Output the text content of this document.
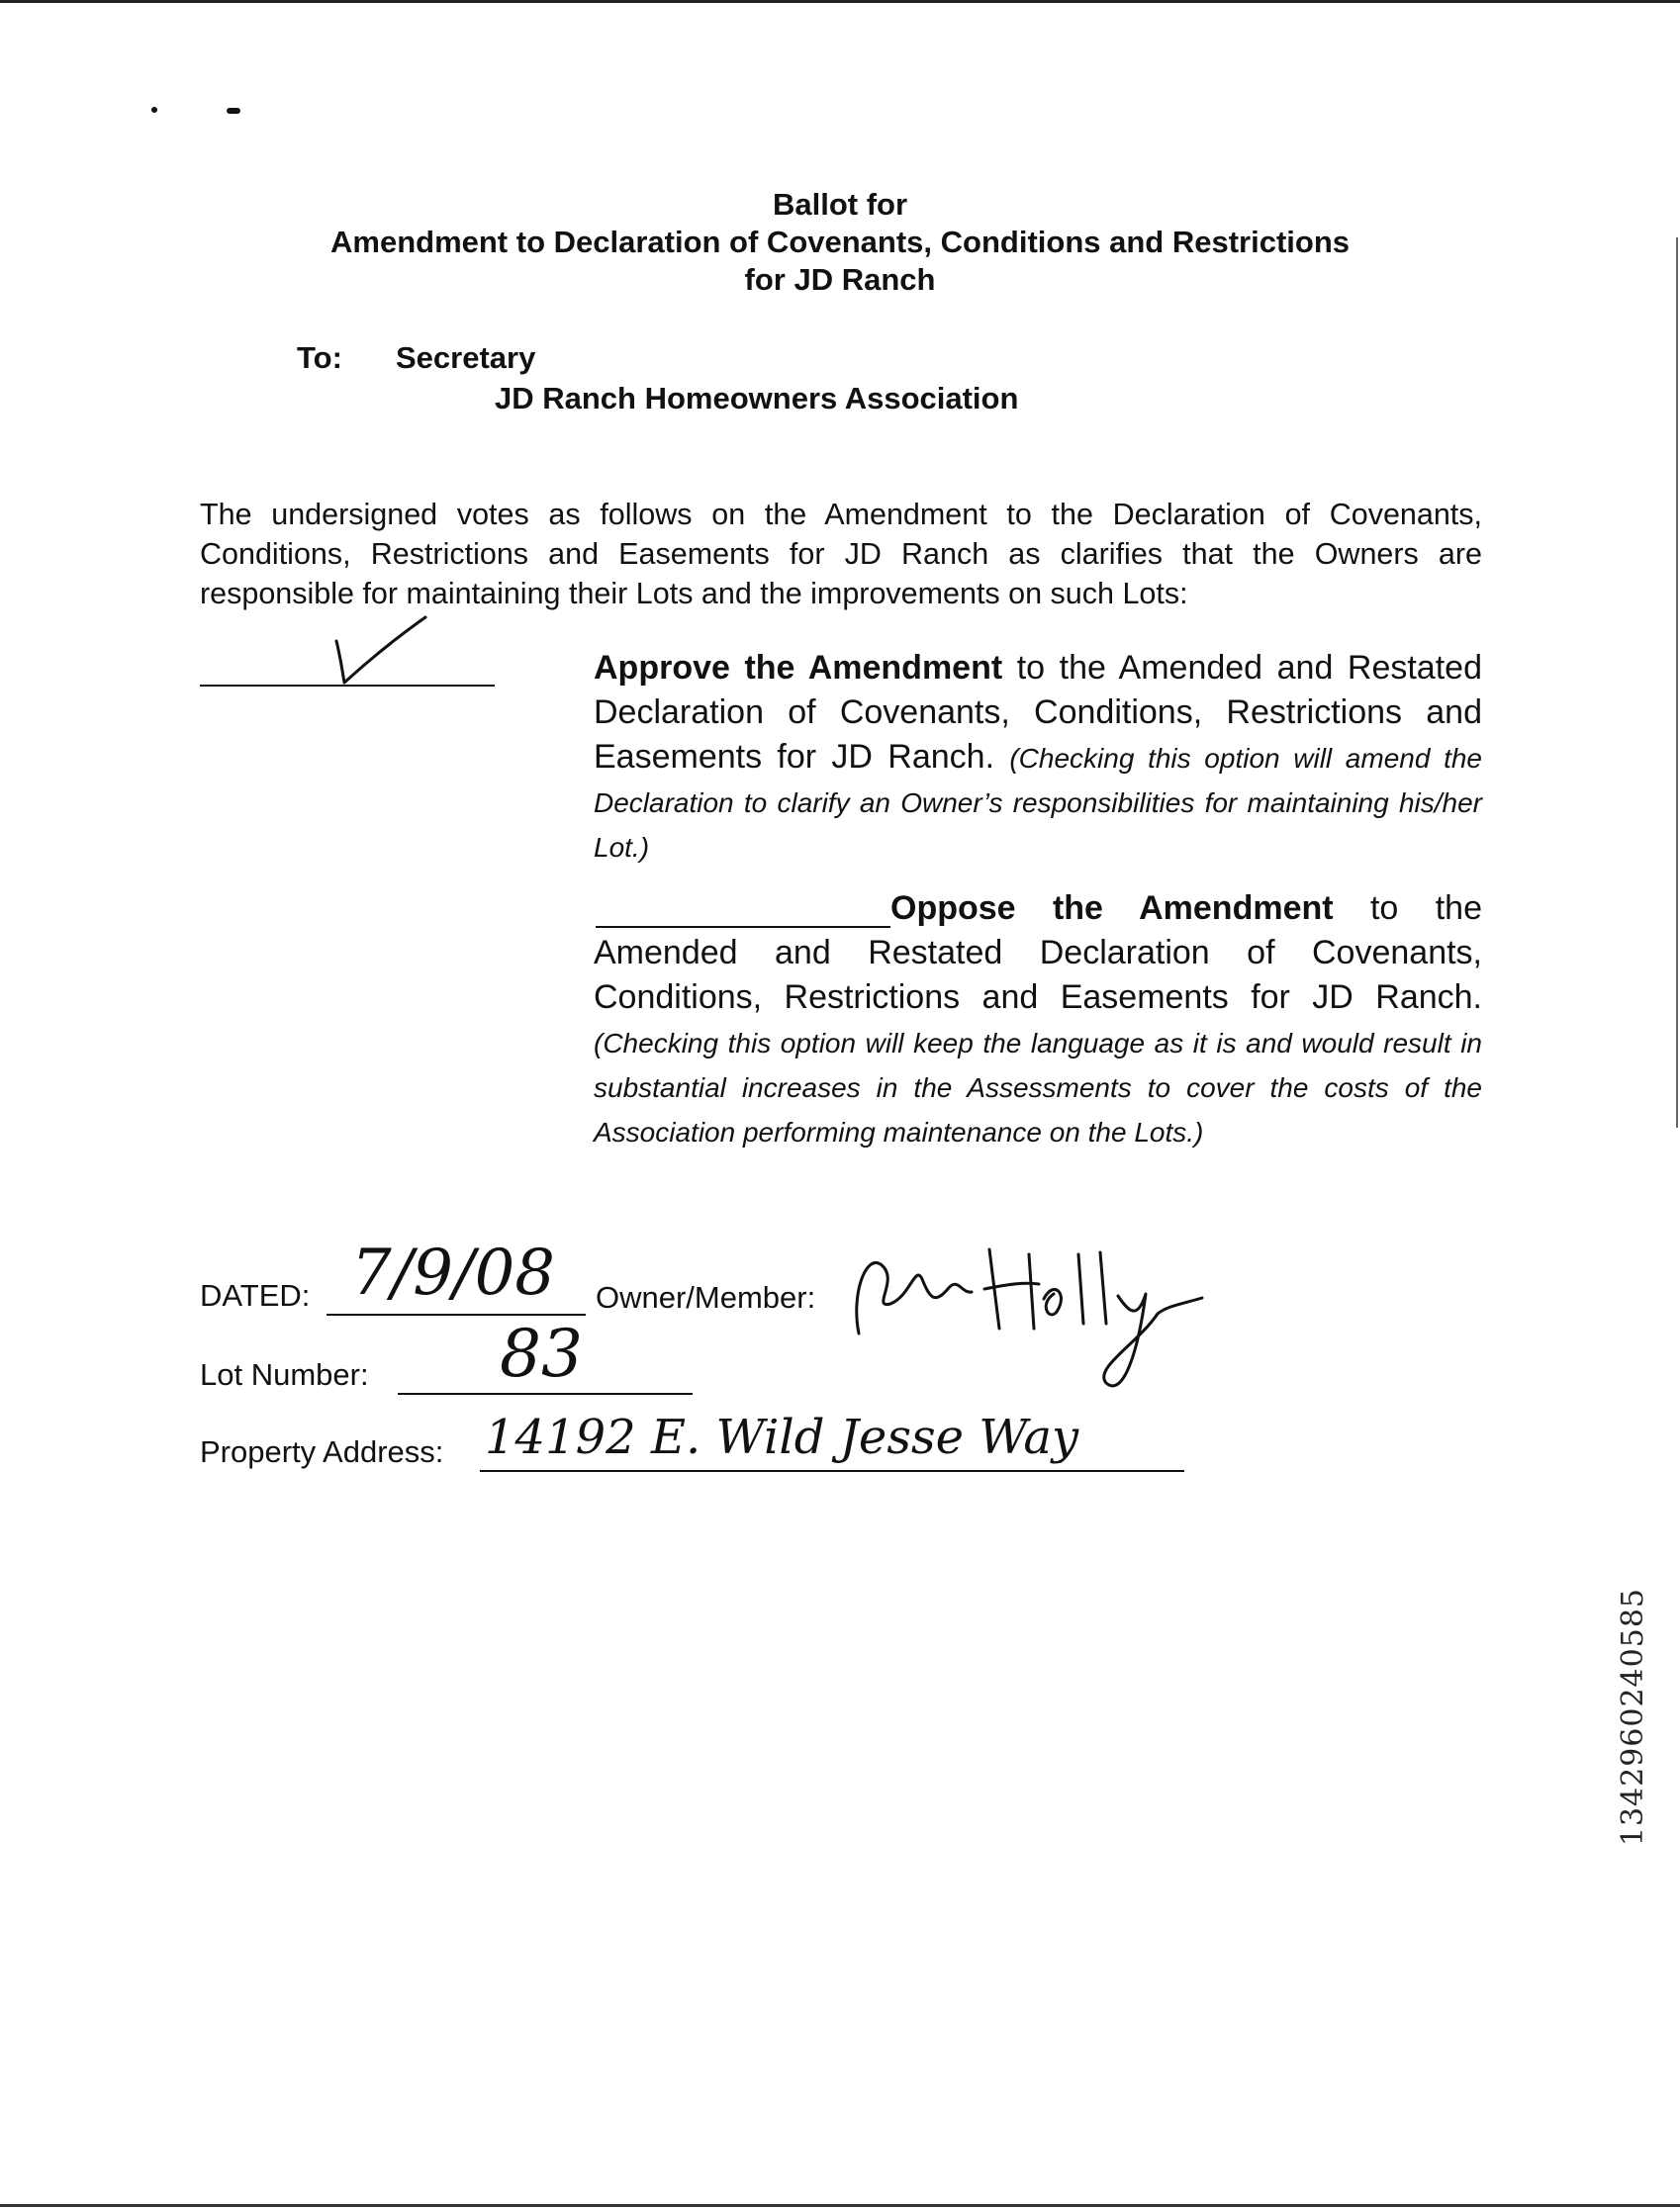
Ballot for
Amendment to Declaration of Covenants, Conditions and Restrictions
for JD Ranch
To: Secretary
JD Ranch Homeowners Association
The undersigned votes as follows on the Amendment to the Declaration of Covenants, Conditions, Restrictions and Easements for JD Ranch as clarifies that the Owners are responsible for maintaining their Lots and the improvements on such Lots:
Approve the Amendment to the Amended and Restated Declaration of Covenants, Conditions, Restrictions and Easements for JD Ranch. (Checking this option will amend the Declaration to clarify an Owner’s responsibilities for maintaining his/her Lot.)
Oppose the Amendment to the Amended and Restated Declaration of Covenants, Conditions, Restrictions and Easements for JD Ranch. (Checking this option will keep the language as it is and would result in substantial increases in the Assessments to cover the costs of the Association performing maintenance on the Lots.)
DATED: 7/9/08 Owner/Member:
Lot Number: 83
Property Address: 14192 E. Wild Jesse Way
1342960240585
